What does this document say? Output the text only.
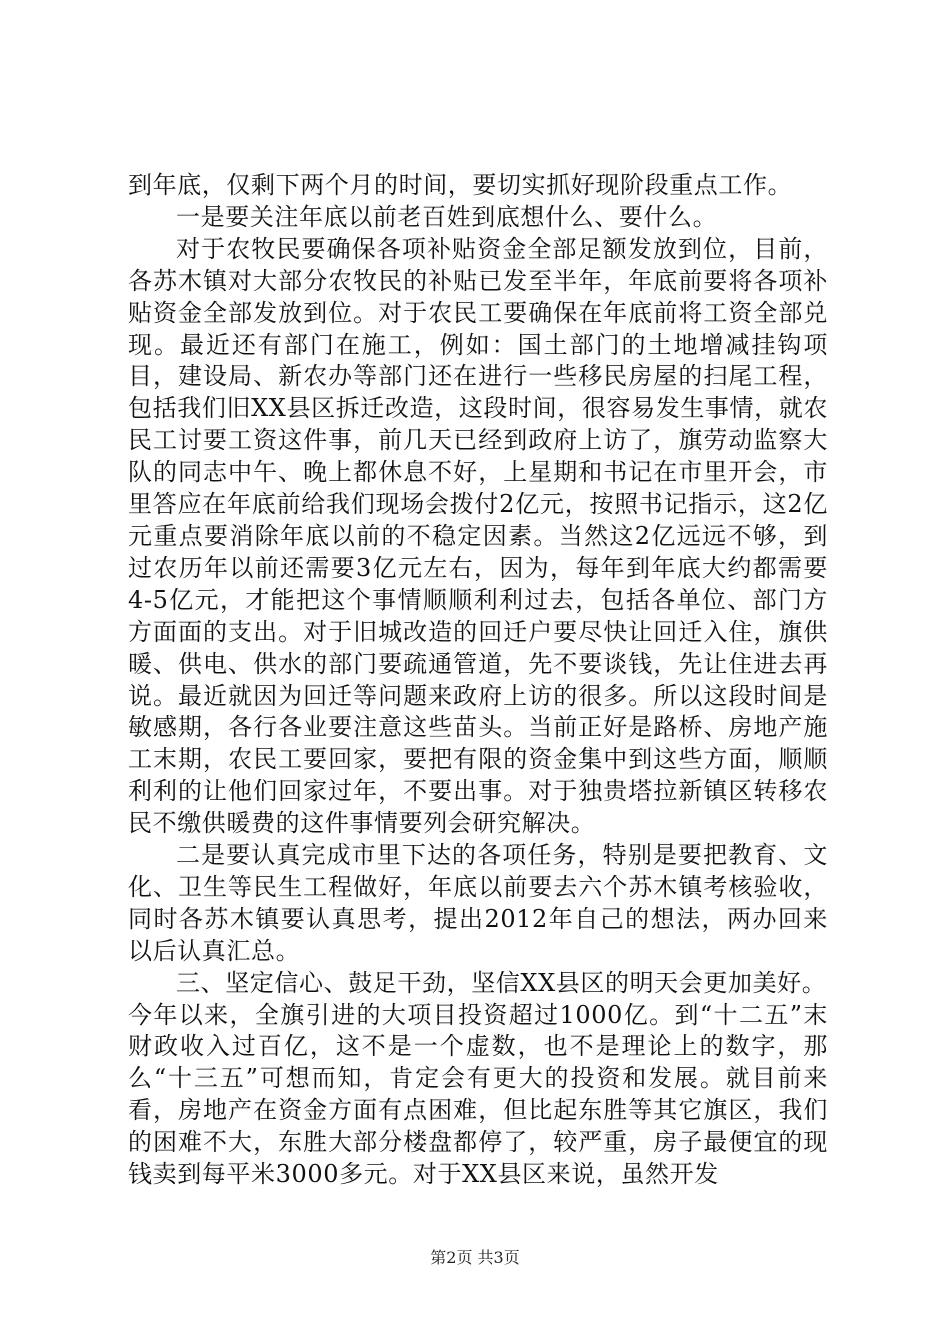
到年底，仅剩下两个月的时间，要切实抓好现阶段重点工作。

一是要关注年底以前老百姓到底想什么、要什么。

对于农牧民要确保各项补贴资金全部足额发放到位，目前，各苏木镇对大部分农牧民的补贴已发至半年，年底前要将各项补贴资金全部发放到位。对于农民工要确保在年底前将工资全部兑现。最近还有部门在施工，例如：国土部门的土地增减挂钩项目，建设局、新农办等部门还在进行一些移民房屋的扫尾工程，包括我们旧XX县区拆迁改造，这段时间，很容易发生事情，就农民工讨要工资这件事，前几天已经到政府上访了，旗劳动监察大队的同志中午、晚上都休息不好，上星期和书记在市里开会，市里答应在年底前给我们现场会拨付2亿元，按照书记指示，这2亿元重点要消除年底以前的不稳定因素。当然这2亿远远不够，到过农历年以前还需要3亿元左右，因为，每年到年底大约都需要4-5亿元，才能把这个事情顺顺利利过去，包括各单位、部门方方面面的支出。对于旧城改造的回迁户要尽快让回迁入住，旗供暖、供电、供水的部门要疏通管道，先不要谈钱，先让住进去再说。最近就因为回迁等问题来政府上访的很多。所以这段时间是敏感期，各行各业要注意这些苗头。当前正好是路桥、房地产施工末期，农民工要回家，要把有限的资金集中到这些方面，顺顺利利的让他们回家过年，不要出事。对于独贵塔拉新镇区转移农民不缴供暖费的这件事情要列会研究解决。

二是要认真完成市里下达的各项任务，特别是要把教育、文化、卫生等民生工程做好，年底以前要去六个苏木镇考核验收，同时各苏木镇要认真思考，提出2012年自己的想法，两办回来以后认真汇总。

三、坚定信心、鼓足干劲，坚信XX县区的明天会更加美好。

今年以来，全旗引进的大项目投资超过1000亿。到“十二五”末财政收入过百亿，这不是一个虚数，也不是理论上的数字，那么“十三五”可想而知，肯定会有更大的投资和发展。就目前来看，房地产在资金方面有点困难，但比起东胜等其它旗区，我们的困难不大，东胜大部分楼盘都停了，较严重，房子最便宜的现钱卖到每平米3000多元。对于XX县区来说，虽然开发

第2页 共3页
